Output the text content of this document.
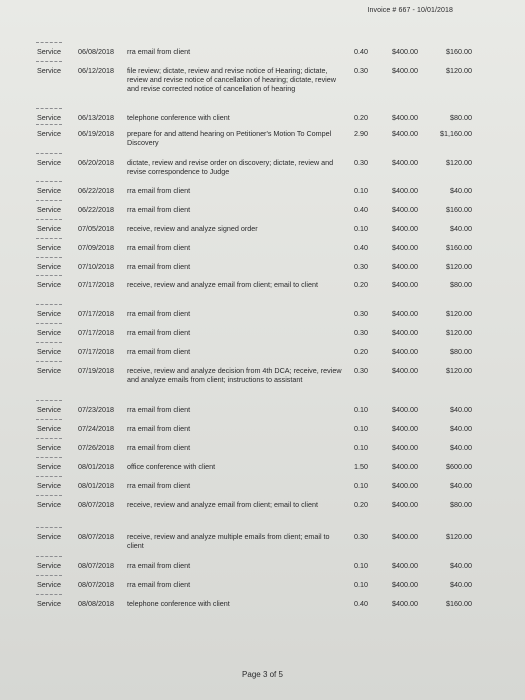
Invoice # 667 - 10/01/2018
Service 06/08/2018 rra email from client	0.40	$400.00	$160.00
Service 06/12/2018 file review; dictate, review and revise notice of Hearing; dictate, review and revise notice of cancellation of hearing; dictate, review and revise corrected notice of cancellation of hearing
0.30	$400.00	$120.00
Service 06/13/2018 telephone conference with client	0.20	$400.00	$80.00
Service 06/19/2018 prepare for and attend hearing on Petitioner's Motion To Compel Discovery
2.90	$400.00	$1,160.00
Service 06/20/2018 dictate, review and revise order on discovery; dictate, review and revise correspondence to Judge
0.30	$400.00	$120.00
Service 06/22/2018 rra email from client	0.10	$400.00	$40.00
Service 06/22/2018 rra email from client	0.40	$400.00	$160.00
Service 07/05/2018 receive, review and analyze signed order	0.10	$400.00	$40.00
Service 07/09/2018 rra email from client	0.40	$400.00	$160.00
Service 07/10/2018 rra email from client	0.30	$400.00	$120.00
Service 07/17/2018 receive, review and analyze email from client; email to client	0.20	$400.00	$80.00
Service 07/17/2018 rra email from client	0.30	$400.00	$120.00
Service 07/17/2018 rra email from client	0.30	$400.00	$120.00
Service 07/17/2018 rra email from client	0.20	$400.00	$80.00
Service 07/19/2018 receive, review and analyze decision from 4th DCA; receive, review and analyze emails from client; instructions to assistant
0.30	$400.00	$120.00
Service 07/23/2018 rra email from client	0.10	$400.00	$40.00
Service 07/24/2018 rra email from client	0.10	$400.00	$40.00
Service 07/26/2018 rra email from client	0.10	$400.00	$40.00
Service 08/01/2018 office conference with client	1.50	$400.00	$600.00
Service 08/01/2018 rra email from client	0.10	$400.00	$40.00
Service 08/07/2018 receive, review and analyze email from client; email to client	0.20	$400.00	$80.00
Service 08/07/2018 receive, review and analyze multiple emails from client; email to client
0.30	$400.00	$120.00
Service 08/07/2018 rra email from client	0.10	$400.00	$40.00
Service 08/07/2018 rra email from client	0.10	$400.00	$40.00
Service 08/08/2018 telephone conference with client	0.40	$400.00	$160.00
Page 3 of 5
